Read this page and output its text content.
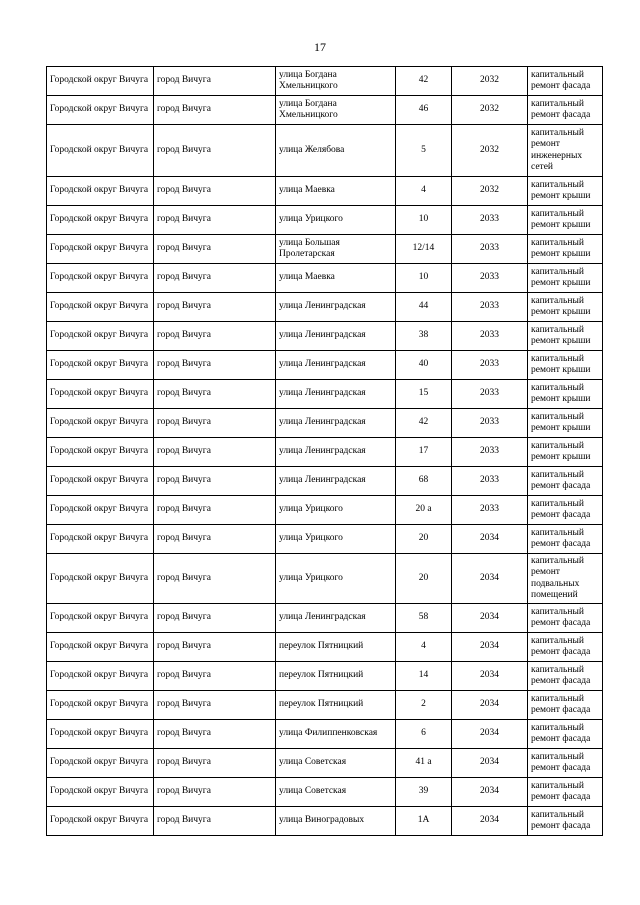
17
Городской округ Вичуга	город Вичуга	улица Богдана Хмельницкого	42	2032	капитальный ремонт фасада
Городской округ Вичуга	город Вичуга	улица Богдана Хмельницкого	46	2032	капитальный ремонт фасада
Городской округ Вичуга	город Вичуга	улица Желябова	5	2032	капитальный ремонт инженерных сетей
Городской округ Вичуга	город Вичуга	улица Маевка	4	2032	капитальный ремонт крыши
Городской округ Вичуга	город Вичуга	улица Урицкого	10	2033	капитальный ремонт крыши
Городской округ Вичуга	город Вичуга	улица Большая Пролетарская	12/14	2033	капитальный ремонт крыши
Городской округ Вичуга	город Вичуга	улица Маевка	10	2033	капитальный ремонт крыши
Городской округ Вичуга	город Вичуга	улица Ленинградская	44	2033	капитальный ремонт крыши
Городской округ Вичуга	город Вичуга	улица Ленинградская	38	2033	капитальный ремонт крыши
Городской округ Вичуга	город Вичуга	улица Ленинградская	40	2033	капитальный ремонт крыши
Городской округ Вичуга	город Вичуга	улица Ленинградская	15	2033	капитальный ремонт крыши
Городской округ Вичуга	город Вичуга	улица Ленинградская	42	2033	капитальный ремонт крыши
Городской округ Вичуга	город Вичуга	улица Ленинградская	17	2033	капитальный ремонт крыши
Городской округ Вичуга	город Вичуга	улица Ленинградская	68	2033	капитальный ремонт фасада
Городской округ Вичуга	город Вичуга	улица Урицкого	20 а	2033	капитальный ремонт фасада
Городской округ Вичуга	город Вичуга	улица Урицкого	20	2034	капитальный ремонт фасада
Городской округ Вичуга	город Вичуга	улица Урицкого	20	2034	капитальный ремонт подвальных помещений
Городской округ Вичуга	город Вичуга	улица Ленинградская	58	2034	капитальный ремонт фасада
Городской округ Вичуга	город Вичуга	переулок Пятницкий	4	2034	капитальный ремонт фасада
Городской округ Вичуга	город Вичуга	переулок Пятницкий	14	2034	капитальный ремонт фасада
Городской округ Вичуга	город Вичуга	переулок Пятницкий	2	2034	капитальный ремонт фасада
Городской округ Вичуга	город Вичуга	улица Филиппенковская	6	2034	капитальный ремонт фасада
Городской округ Вичуга	город Вичуга	улица Советская	41 а	2034	капитальный ремонт фасада
Городской округ Вичуга	город Вичуга	улица Советская	39	2034	капитальный ремонт фасада
Городской округ Вичуга	город Вичуга	улица Виноградовых	1А	2034	капитальный ремонт фасада
